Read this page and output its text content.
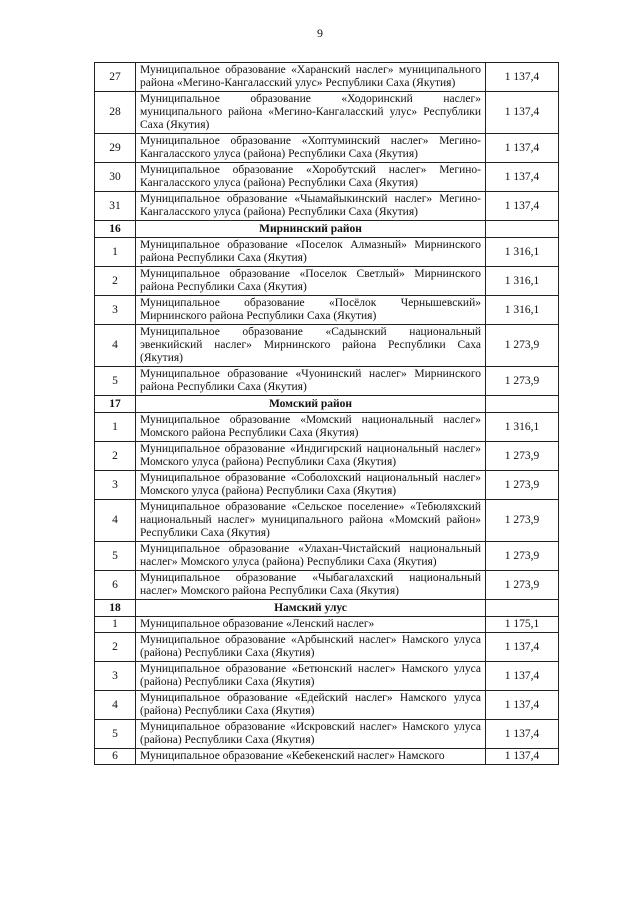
9
27	Муниципальное образование «Харанский наслег» муниципального района «Мегино-Кангаласский улус» Республики Саха (Якутия)	1 137,4
28	Муниципальное образование «Ходоринский наслег» муниципального района «Мегино-Кангаласский улус» Республики Саха (Якутия)	1 137,4
29	Муниципальное образование «Хоптуминский наслег» Мегино-Кангаласского улуса (района) Республики Саха (Якутия)	1 137,4
30	Муниципальное образование «Хоробутский наслег» Мегино-Кангаласского улуса (района) Республики Саха (Якутия)	1 137,4
31	Муниципальное образование «Чыамайыкинский наслег» Мегино-Кангаласского улуса (района) Республики Саха (Якутия)	1 137,4
16	Мирнинский район	
1	Муниципальное образование «Поселок Алмазный» Мирнинского района Республики Саха (Якутия)	1 316,1
2	Муниципальное образование «Поселок Светлый» Мирнинского района Республики Саха (Якутия)	1 316,1
3	Муниципальное образование «Посёлок Чернышевский» Мирнинского района Республики Саха (Якутия)	1 316,1
4	Муниципальное образование «Садынский национальный эвенкийский наслег» Мирнинского района Республики Саха (Якутия)	1 273,9
5	Муниципальное образование «Чуонинский наслег» Мирнинского района Республики Саха (Якутия)	1 273,9
17	Момский район	
1	Муниципальное образование «Момский национальный наслег» Момского района Республики Саха (Якутия)	1 316,1
2	Муниципальное образование «Индигирский национальный наслег» Момского улуса (района) Республики Саха (Якутия)	1 273,9
3	Муниципальное образование «Соболохский национальный наслег» Момского улуса (района) Республики Саха (Якутия)	1 273,9
4	Муниципальное образование «Сельское поселение» «Тебюляхский национальный наслег» муниципального района «Момский район» Республики Саха (Якутия)	1 273,9
5	Муниципальное образование «Улахан-Чистайский национальный наслег» Момского улуса (района) Республики Саха (Якутия)	1 273,9
6	Муниципальное образование «Чыбагалахский национальный наслег» Момского района Республики Саха (Якутия)	1 273,9
18	Намский улус	
1	Муниципальное образование «Ленский наслег»	1 175,1
2	Муниципальное образование «Арбынский наслег» Намского улуса (района) Республики Саха (Якутия)	1 137,4
3	Муниципальное образование «Бетюнский наслег» Намского улуса (района) Республики Саха (Якутия)	1 137,4
4	Муниципальное образование «Едейский наслег» Намского улуса (района) Республики Саха (Якутия)	1 137,4
5	Муниципальное образование «Искровский наслег» Намского улуса (района) Республики Саха (Якутия)	1 137,4
6	Муниципальное образование «Кебекенский наслег» Намского	1 137,4
